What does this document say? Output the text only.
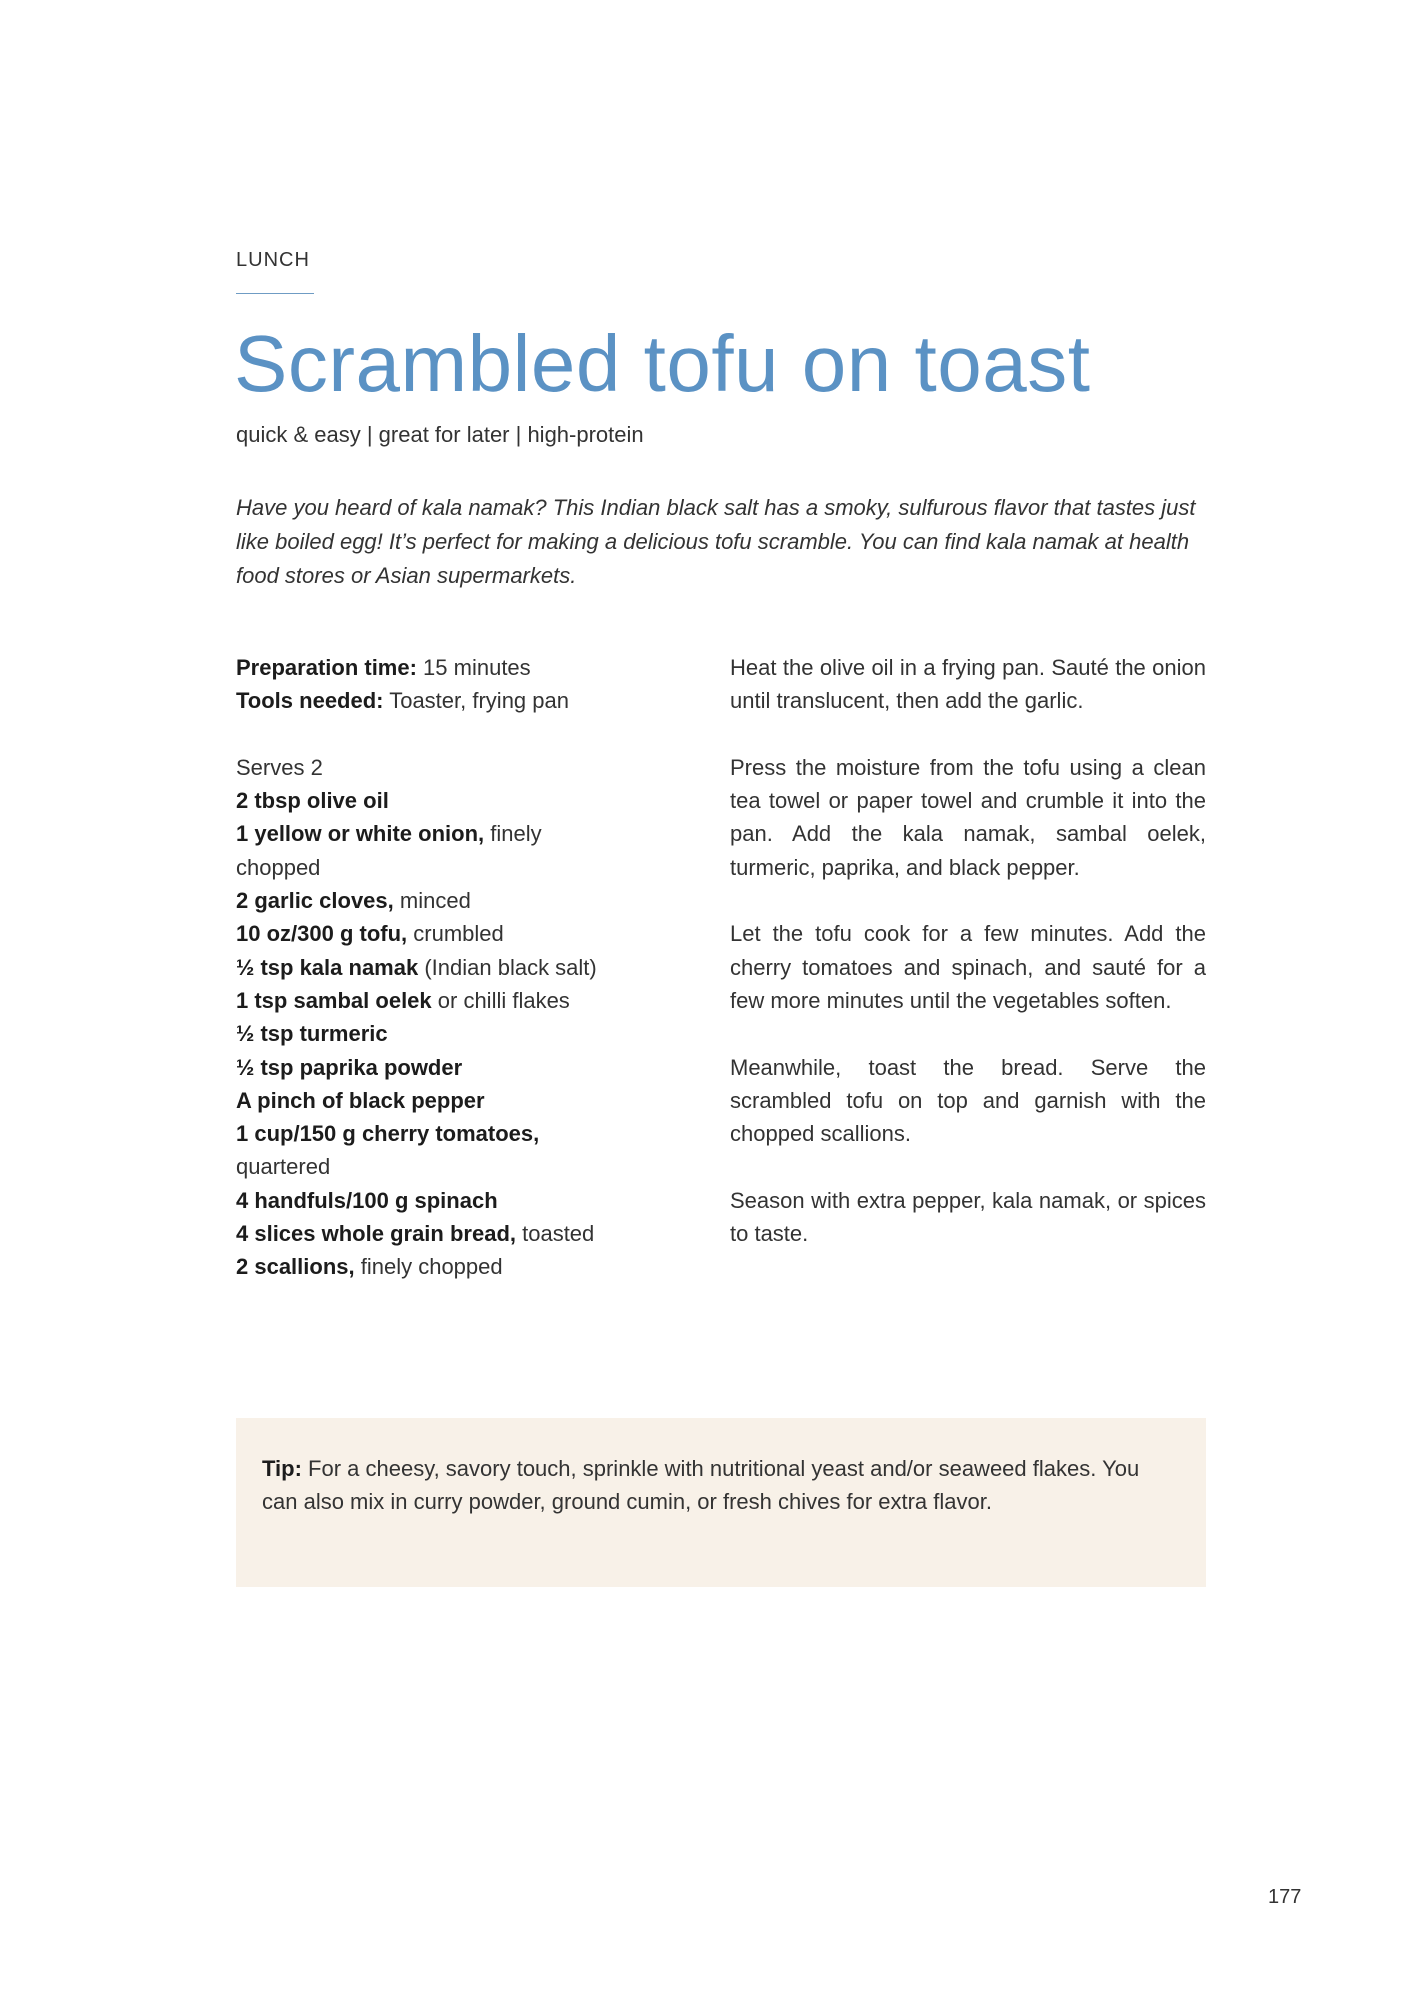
LUNCH
Scrambled tofu on toast
quick & easy | great for later | high-protein

Have you heard of kala namak? This Indian black salt has a smoky, sulfurous flavor that tastes just like boiled egg! It’s perfect for making a delicious tofu scramble. You can find kala namak at health food stores or Asian supermarkets.

Preparation time: 15 minutes
Tools needed: Toaster, frying pan
Serves 2
2 tbsp olive oil
1 yellow or white onion, finely
chopped
2 garlic cloves, minced
10 oz/300 g tofu, crumbled
½ tsp kala namak (Indian black salt)
1 tsp sambal oelek or chilli flakes
½ tsp turmeric
½ tsp paprika powder
A pinch of black pepper
1 cup/150 g cherry tomatoes,
quartered
4 handfuls/100 g spinach
4 slices whole grain bread, toasted
2 scallions, finely chopped

Heat the olive oil in a frying pan. Sauté the onion until translucent, then add the garlic.

Press the moisture from the tofu using a clean tea towel or paper towel and crumble it into the pan. Add the kala namak, sambal oelek, turmeric, paprika, and black pepper.

Let the tofu cook for a few minutes. Add the cherry tomatoes and spinach, and sauté for a few more minutes until the vegetables soften.

Meanwhile, toast the bread. Serve the scrambled tofu on top and garnish with the chopped scallions.

Season with extra pepper, kala namak, or spices to taste.

Tip: For a cheesy, savory touch, sprinkle with nutritional yeast and/or seaweed flakes. You can also mix in curry powder, ground cumin, or fresh chives for extra flavor.

177
